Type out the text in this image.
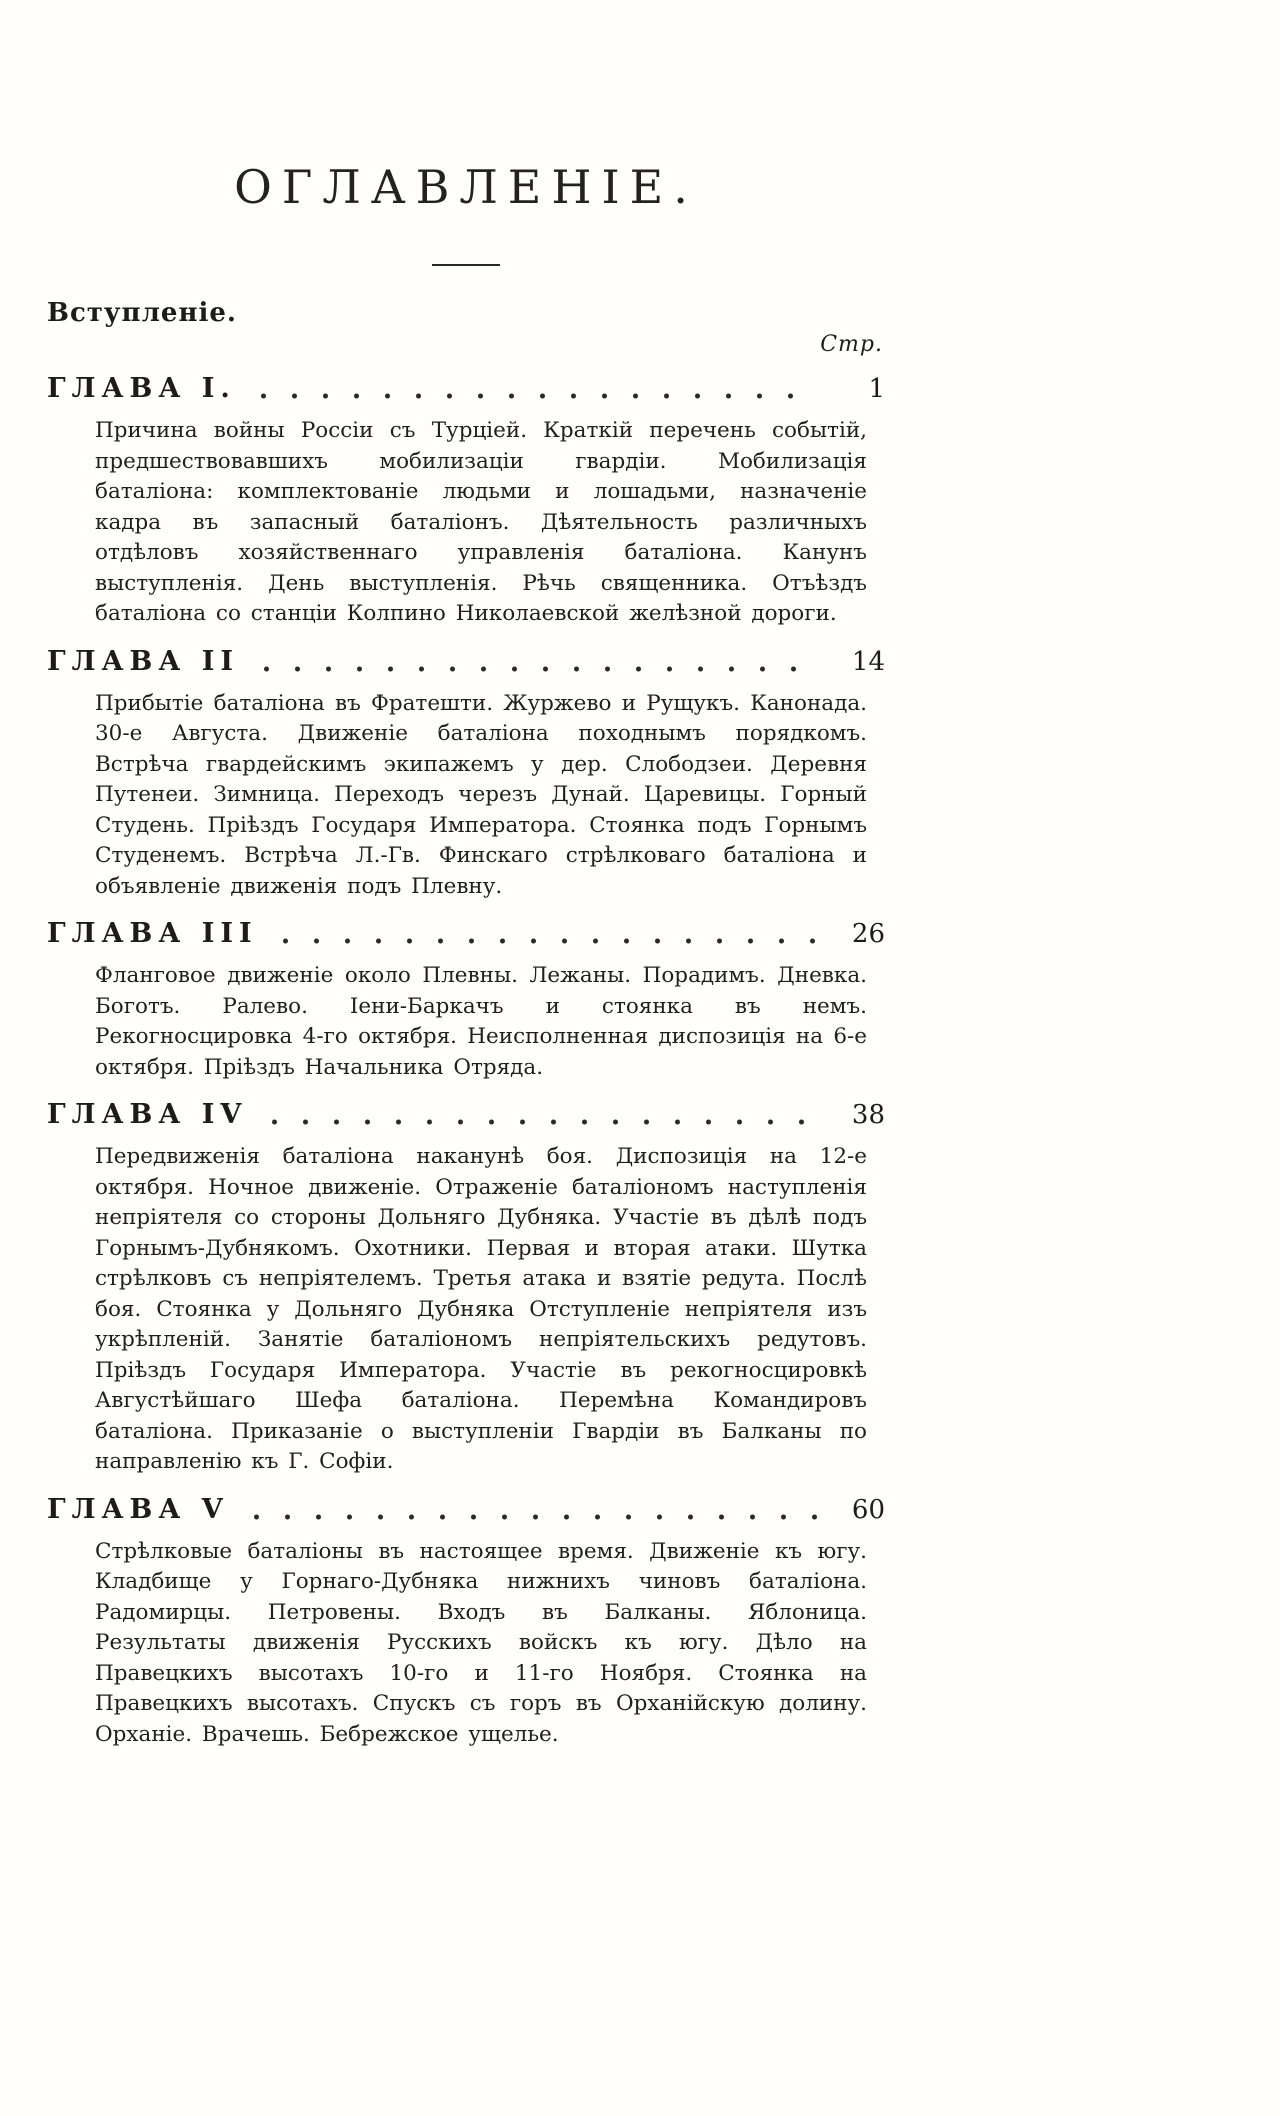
ОГЛАВЛЕНІЕ.
Вступленіе.
Стр.
ГЛАВА I.	1

Причина войны Россіи съ Турціей. Краткій перечень событій, предшествовавшихъ мобилизаціи гвардіи. Мобилизація баталіона: комплектованіе людьми и лошадьми, назначеніе кадра въ запасный баталіонъ. Дѣятельность различныхъ отдѣловъ хозяйственнаго управленія баталіона. Канунъ выступленія. День выступленія. Рѣчь священника. Отъѣздъ баталіона со станціи Колпино Николаевской желѣзной дороги.

ГЛАВА II	14

Прибытіе баталіона въ Фратешти. Журжево и Рущукъ. Канонада. 30-е Августа. Движеніе баталіона походнымъ порядкомъ. Встрѣча гвардейскимъ экипажемъ у дер. Слободзеи. Деревня Путенеи. Зимница. Переходъ черезъ Дунай. Царевицы. Горный Студень. Пріѣздъ Государя Императора. Стоянка подъ Горнымъ Студенемъ. Встрѣча Л.-Гв. Финскаго стрѣлковаго баталіона и объявленіе движенія подъ Плевну.

ГЛАВА III	26

Фланговое движеніе около Плевны. Лежаны. Порадимъ. Дневка. Боготъ. Ралево. Іени-Баркачъ и стоянка въ немъ. Рекогносцировка 4-го октября. Неисполненная диспозиція на 6-е октября. Пріѣздъ Начальника Отряда.

ГЛАВА IV	38

Передвиженія баталіона наканунѣ боя. Диспозиція на 12-е октября. Ночное движеніе. Отраженіе баталіономъ наступленія непріятеля со стороны Дольняго Дубняка. Участіе въ дѣлѣ подъ Горнымъ-Дубнякомъ. Охотники. Первая и вторая атаки. Шутка стрѣлковъ съ непріятелемъ. Третья атака и взятіе редута. Послѣ боя. Стоянка у Дольняго Дубняка Отступленіе непріятеля изъ укрѣпленій. Занятіе баталіономъ непріятельскихъ редутовъ. Пріѣздъ Государя Императора. Участіе въ рекогносцировкѣ Августѣйшаго Шефа баталіона. Перемѣна Командировъ баталіона. Приказаніе о выступленіи Гвардіи въ Балканы по направленію къ Г. Софіи.

ГЛАВА V	60

Стрѣлковые баталіоны въ настоящее время. Движеніе къ югу. Кладбище у Горнаго-Дубняка нижнихъ чиновъ баталіона. Радомирцы. Петровены. Входъ въ Балканы. Яблоница. Результаты движенія Русскихъ войскъ къ югу. Дѣло на Правецкихъ высотахъ 10-го и 11-го Ноября. Стоянка на Правецкихъ высотахъ. Спускъ съ горъ въ Орханійскую долину. Орханіе. Врачешь. Бебрежское ущелье.
